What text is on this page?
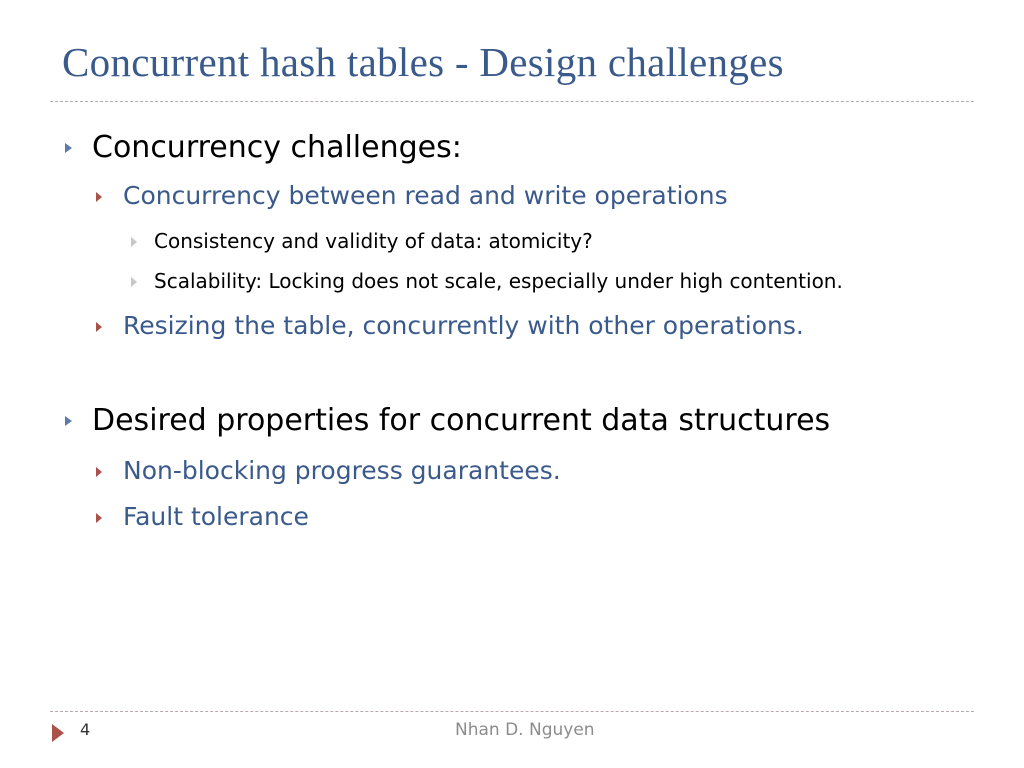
Concurrent hash tables - Design challenges
Concurrency challenges:
Concurrency between read and write operations
Consistency and validity of data: atomicity?
Scalability: Locking does not scale, especially under high contention.
Resizing the table, concurrently with other operations.
Desired properties for concurrent data structures
Non-blocking progress guarantees.
Fault tolerance
4	Nhan D. Nguyen
